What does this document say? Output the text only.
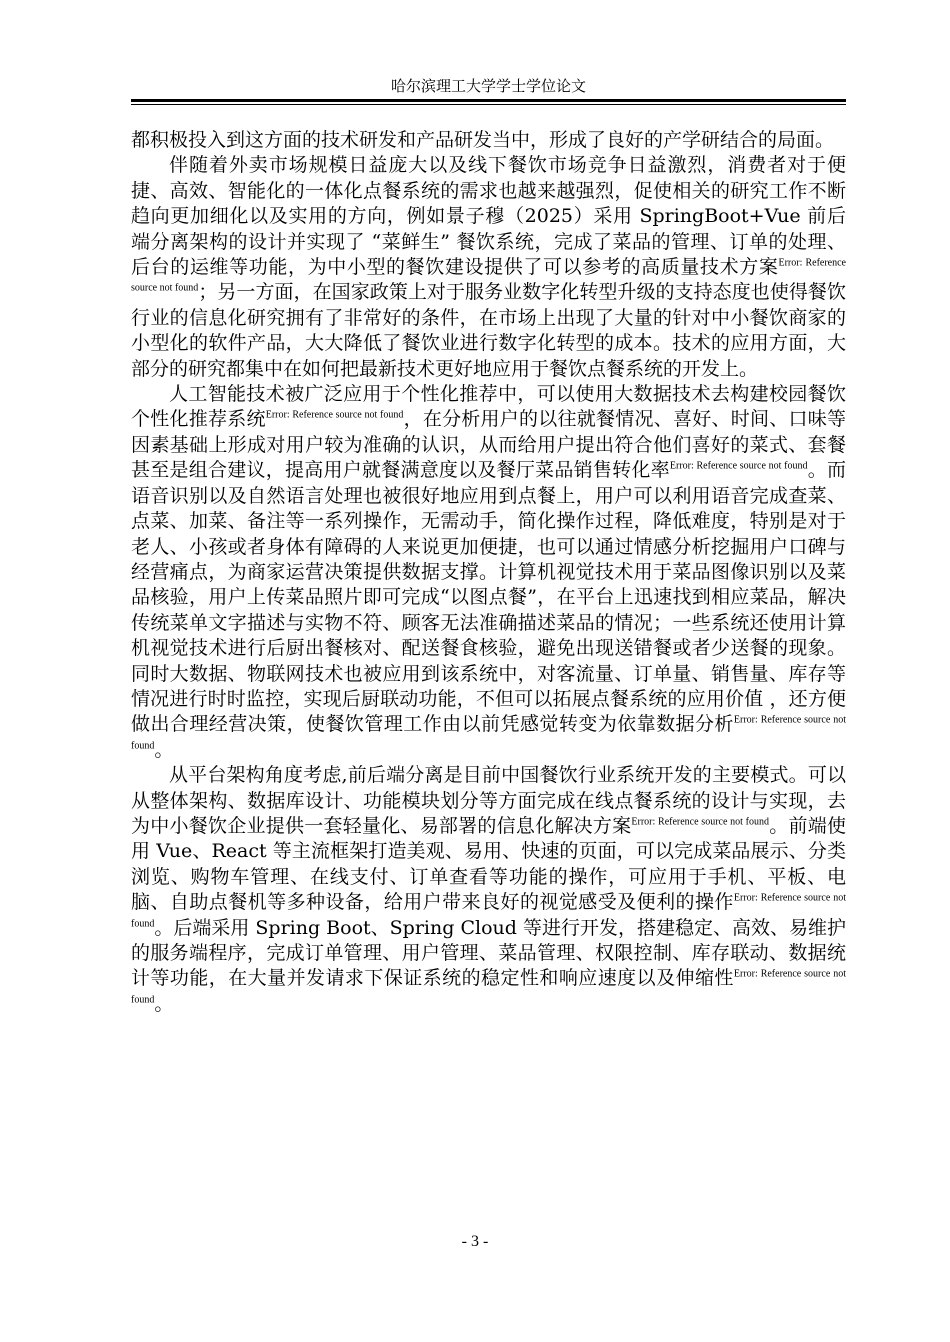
哈尔滨理工大学学士学位论文

都积极投入到这方面的技术研发和产品研发当中，形成了良好的产学研结合的局面。

伴随着外卖市场规模日益庞大以及线下餐饮市场竞争日益激烈，消费者对于便捷、高效、智能化的一体化点餐系统的需求也越来越强烈，促使相关的研究工作不断趋向更加细化以及实用的方向，例如景子穆（2025）采用 SpringBoot+Vue 前后端分离架构的设计并实现了 “菜鲜生” 餐饮系统，完成了菜品的管理、订单的处理、后台的运维等功能，为中小型的餐饮建设提供了可以参考的高质量技术方案$^{Error: Reference source not found}$；另一方面，在国家政策上对于服务业数字化转型升级的支持态度也使得餐饮行业的信息化研究拥有了非常好的条件，在市场上出现了大量的针对中小餐饮商家的小型化的软件产品，大大降低了餐饮业进行数字化转型的成本。技术的应用方面，大部分的研究都集中在如何把最新技术更好地应用于餐饮点餐系统的开发上。

人工智能技术被广泛应用于个性化推荐中，可以使用大数据技术去构建校园餐饮个性化推荐系统$^{Error: Reference source not found}$，在分析用户的以往就餐情况、喜好、时间、口味等因素基础上形成对用户较为准确的认识，从而给用户提出符合他们喜好的菜式、套餐甚至是组合建议，提高用户就餐满意度以及餐厅菜品销售转化率$^{Error: Reference source not found}$。而语音识别以及自然语言处理也被很好地应用到点餐上，用户可以利用语音完成查菜、点菜、加菜、备注等一系列操作，无需动手，简化操作过程，降低难度，特别是对于老人、小孩或者身体有障碍的人来说更加便捷，也可以通过情感分析挖掘用户口碑与经营痛点，为商家运营决策提供数据支撑。计算机视觉技术用于菜品图像识别以及菜品核验，用户上传菜品照片即可完成“以图点餐”，在平台上迅速找到相应菜品，解决传统菜单文字描述与实物不符、顾客无法准确描述菜品的情况；一些系统还使用计算机视觉技术进行后厨出餐核对、配送餐食核验，避免出现送错餐或者少送餐的现象。同时大数据、物联网技术也被应用到该系统中，对客流量、订单量、销售量、库存等情况进行时时监控，实现后厨联动功能，不但可以拓展点餐系统的应用价值 ，还方便做出合理经营决策，使餐饮管理工作由以前凭感觉转变为依靠数据分析$^{Error: Reference source not found}$。

从平台架构角度考虑,前后端分离是目前中国餐饮行业系统开发的主要模式。可以从整体架构、数据库设计、功能模块划分等方面完成在线点餐系统的设计与实现，去为中小餐饮企业提供一套轻量化、易部署的信息化解决方案$^{Error: Reference source not found}$。前端使用 Vue、React 等主流框架打造美观、易用、快速的页面，可以完成菜品展示、分类浏览、购物车管理、在线支付、订单查看等功能的操作，可应用于手机、平板、电脑、自助点餐机等多种设备，给用户带来良好的视觉感受及便利的操作$^{Error: Reference source not found}$。后端采用 Spring Boot、Spring Cloud 等进行开发，搭建稳定、高效、易维护的服务端程序，完成订单管理、用户管理、菜品管理、权限控制、库存联动、数据统计等功能，在大量并发请求下保证系统的稳定性和响应速度以及伸缩性$^{Error: Reference source not found}$。

- 3 -
